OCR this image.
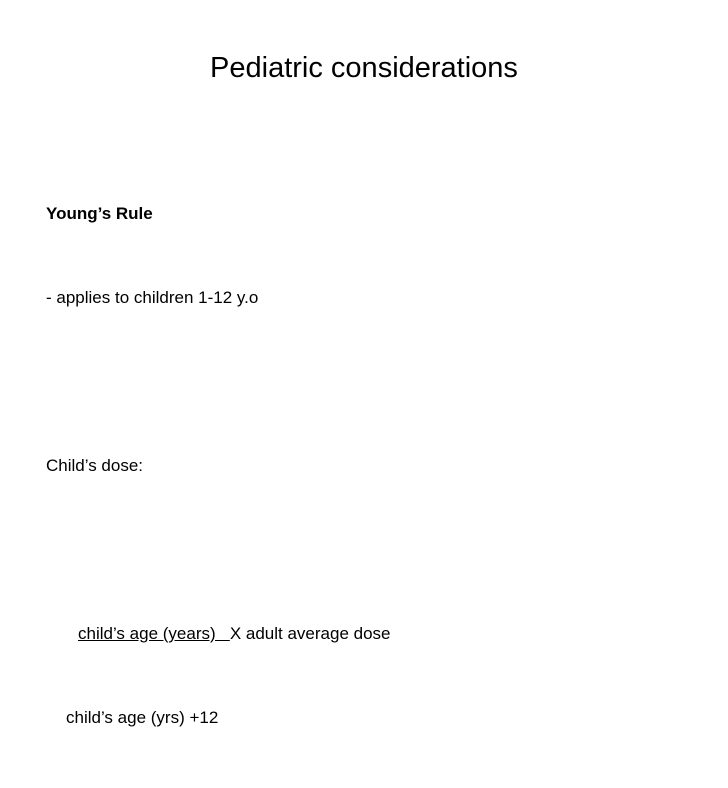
Pediatric considerations

Young’s Rule

- applies to children 1-12 y.o

Child’s dose:

child’s age (years)   X adult average dose

child’s age (yrs) +12
